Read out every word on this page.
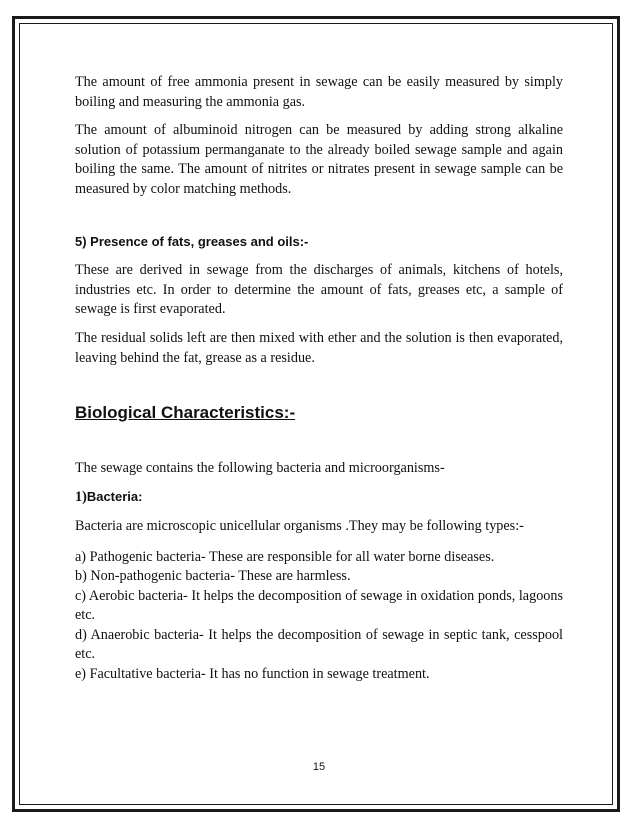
The amount of free ammonia present in sewage can be easily measured by simply boiling and measuring the ammonia gas.

The amount of albuminoid nitrogen can be measured by adding strong alkaline solution of potassium permanganate to the already boiled sewage sample and again boiling the same. The amount of nitrites or nitrates present in sewage sample can be measured by color matching methods.

5) Presence of fats, greases and oils:-

These are derived in sewage from the discharges of animals, kitchens of hotels, industries etc. In order to determine the amount of fats, greases etc, a sample of sewage is first evaporated.

The residual solids left are then mixed with ether and the solution is then evaporated, leaving behind the fat, grease as a residue.

Biological Characteristics:-

The sewage contains the following bacteria and microorganisms-

1)Bacteria:

Bacteria are microscopic unicellular organisms .They may be following types:-

a) Pathogenic bacteria- These are responsible for all water borne diseases.

b) Non-pathogenic bacteria- These are harmless.

c) Aerobic bacteria- It helps the decomposition of sewage in oxidation ponds, lagoons etc.

d) Anaerobic bacteria- It helps the decomposition of sewage in septic tank, cesspool etc.

e) Facultative bacteria- It has no function in sewage treatment.

15
